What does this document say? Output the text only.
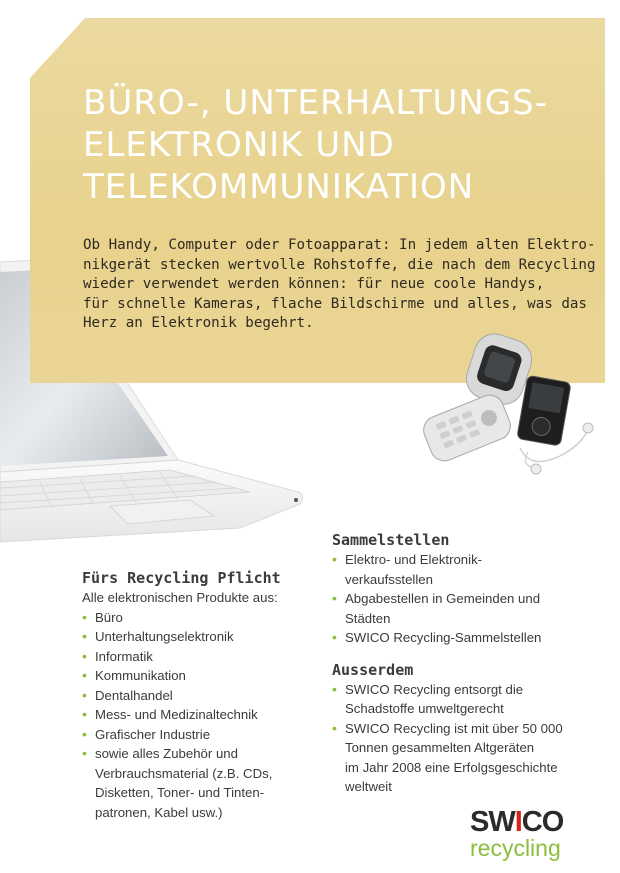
BÜRO-, UNTERHALTUNGS-
ELEKTRONIK UND
TELEKOMMUNIKATION
Ob Handy, Computer oder Fotoapparat: In jedem alten Elektro-
nikgerät stecken wertvolle Rohstoffe, die nach dem Recycling
wieder verwendet werden können: für neue coole Handys,
für schnelle Kameras, flache Bildschirme und alles, was das
Herz an Elektronik begehrt.
Fürs Recycling Pflicht
Alle elektronischen Produkte aus:
• Büro
• Unterhaltungselektronik
• Informatik
• Kommunikation
• Dentalhandel
• Mess- und Medizinaltechnik
• Grafischer Industrie
• sowie alles Zubehör und
Verbrauchsmaterial (z.B. CDs,
Disketten, Toner- und Tinten-
patronen, Kabel usw.)
Sammelstellen
• Elektro- und Elektronik-
verkaufsstellen
• Abgabestellen in Gemeinden und
Städten
• SWICO Recycling-Sammelstellen
Ausserdem
• SWICO Recycling entsorgt die
Schadstoffe umweltgerecht
• SWICO Recycling ist mit über 50 000
Tonnen gesammelten Altgeräten
im Jahr 2008 eine Erfolgsgeschichte
weltweit
SWICO
recycling
